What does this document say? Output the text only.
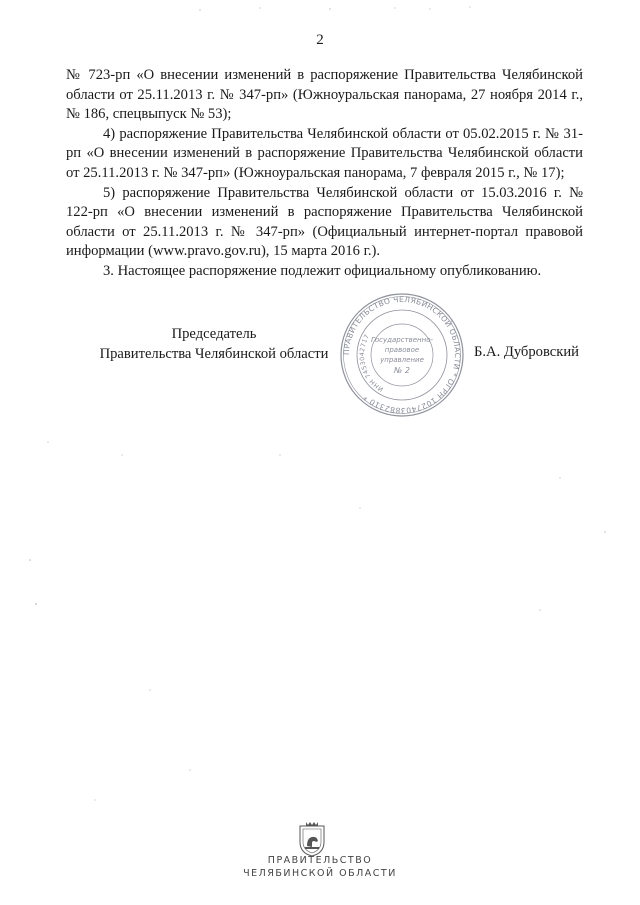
2

№ 723-рп «О внесении изменений в распоряжение Правительства Челябинской области от 25.11.2013 г. № 347-рп» (Южноуральская панорама, 27 ноября 2014 г., № 186, спецвыпуск № 53);

4) распоряжение Правительства Челябинской области от 05.02.2015 г. № 31-рп «О внесении изменений в распоряжение Правительства Челябинской области от 25.11.2013 г. № 347-рп» (Южноуральская панорама, 7 февраля 2015 г., № 17);

5) распоряжение Правительства Челябинской области от 15.03.2016 г. № 122-рп «О внесении изменений в распоряжение Правительства Челябинской области от 25.11.2013 г. № 347-рп» (Официальный интернет-портал правовой информации (www.pravo.gov.ru), 15 марта 2016 г.).

3. Настоящее распоряжение подлежит официальному опубликованию.

Председатель
Правительства Челябинской области	ПРАВИТЕЛЬСТВО ЧЕЛЯБИНСКОЙ ОБЛАСТИ * ОГРН 1027403882310 *
ИНН 7453042717 Государственно-
правовое
управление
№ 2
Б.А. Дубровский
ПРАВИТЕЛЬСТВО
ЧЕЛЯБИНСКОЙ ОБЛАСТИ
